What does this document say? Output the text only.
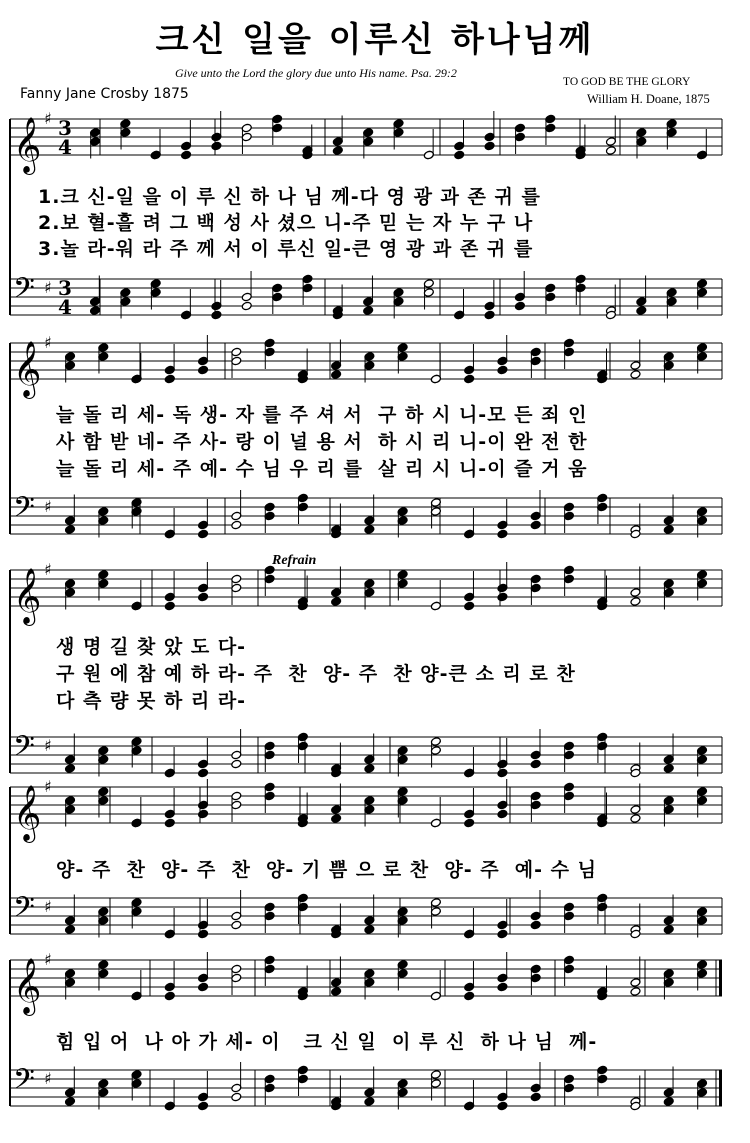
크신 일을 이루신 하나님께
Give unto the Lord the glory due unto His name. Psa. 29:2
TO GOD BE THE GLORY
Fanny Jane Crosby 1875	William H. Doane, 1875
𝄞 ♯ 3
4
𝄢 ♯ 3
4
𝄞 ♯
𝄢 ♯
𝄞 ♯
𝄢 ♯
𝄞 ♯
𝄢 ♯
𝄞 ♯
𝄢 ♯
Refrain
1.크 신-일 을 이 루 신 하 나 님 께-다 영 광 과 존 귀 를
2.보 혈-흘 려 그 백 성 사 셨으 니-주 믿 는 자 누 구 나
3.놀 라-워 라 주 께 서 이 루신 일-큰 영 광 과 존 귀 를
늘 돌 리 세- 독 생- 자 를 주 셔 서  구 하 시 니-모 든 죄 인
사 함 받 네- 주 사- 랑 이 널 용 서  하 시 리 니-이 완 전 한
늘 돌 리 세- 주 예- 수 님 우 리 를  살 리 시 니-이 즐 거 움
생 명 길 찾 았 도 다-
구 원 에 참 예 하 라- 주  찬  양- 주  찬 양-큰 소 리 로 찬
다 측 량 못 하 리 라-
양- 주  찬  양- 주  찬  양- 기 쁨 으 로 찬  양- 주  예- 수 님
힘 입 어  나 아 가 세- 이   크 신 일  이 루 신  하 나 님  께-
